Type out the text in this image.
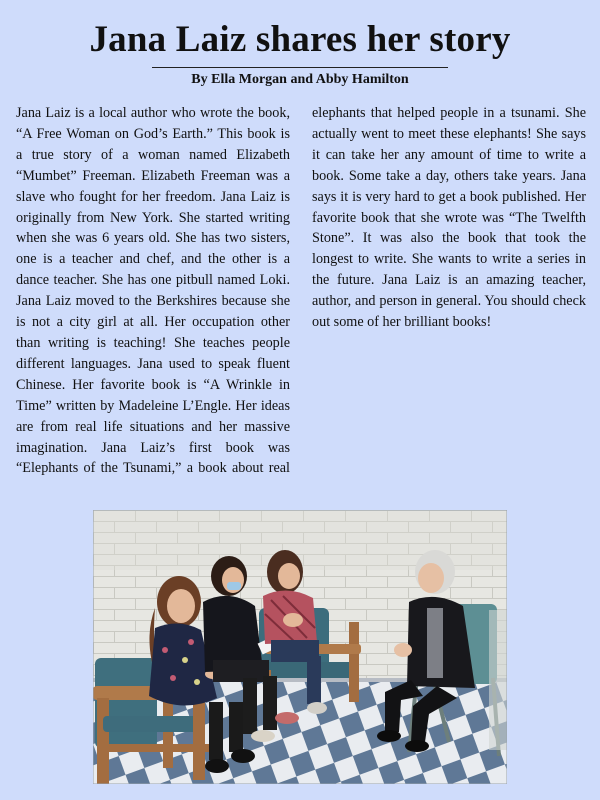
Jana Laiz shares her story
By Ella Morgan and Abby Hamilton

Jana Laiz is a local author who wrote the book, “A Free Woman on God’s Earth.” This book is a true story of a woman named Elizabeth “Mumbet” Freeman. Elizabeth Freeman was a slave who fought for her freedom. Jana Laiz is originally from New York. She started writing when she was 6 years old. She has two sisters, one is a teacher and chef, and the other is a dance teacher. She has one pitbull named Loki. Jana Laiz moved to the Berkshires because she is not a city girl at all. Her occupation other than writing is teaching! She teaches people different languages. Jana used to speak fluent Chinese. Her favorite book is “A Wrinkle in Time” written by Madeleine L’Engle. Her ideas are from real life situations and her massive imagination. Jana Laiz’s first book was “Elephants of the Tsunami,” a book about real elephants that helped people in a tsunami. She actually went to meet these elephants! She says it can take her any amount of time to write a book. Some take a day, others take years. Jana says it is very hard to get a book published. Her favorite book that she wrote was “The Twelfth Stone”. It was also the book that took the longest to write. She wants to write a series in the future. Jana Laiz is an amazing teacher, author, and person in general. You should check out some of her brilliant books!
